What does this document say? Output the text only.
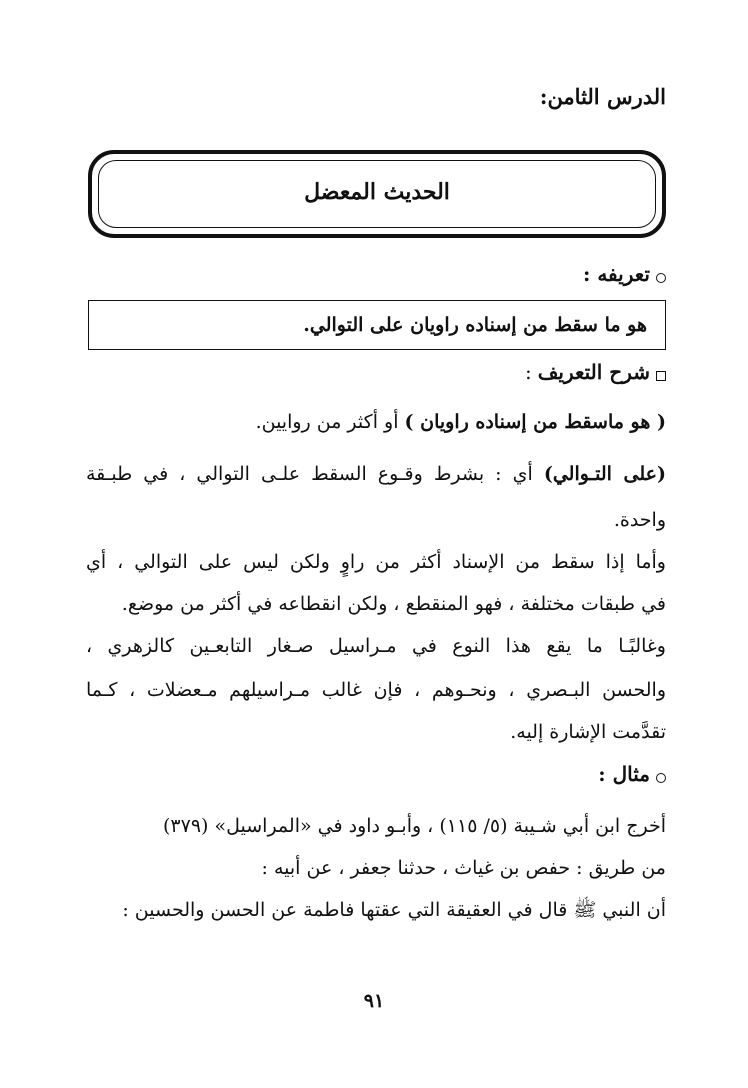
الدرس الثامن:
الحديث المعضل
تعريفه :
هو ما سقط من إسناده راويان على التوالي.
شرح التعريف
:
( هو ماسقط من إسناده راويان ) أو أكثر من روايين.
(على التـوالي) أي : بشرط وقـوع السقط علـى التوالي ، في طبـقة
واحدة.
وأما إذا سقط من الإسناد أكثر من راوٍ ولكن ليس على التوالي ، أي
في طبقات مختلفة ، فهو المنقطع ، ولكن انقطاعه في أكثر من موضع.
وغالبًـا ما يقع هذا النوع في مـراسيل صـغار التابعـين كالزهري ،
والحسن البـصري ، ونحـوهم ، فإن غالب مـراسيلهم مـعضلات ، كـما
تقدَّمت الإشارة إليه.
مثال :
أخرج ابن أبي شـيبة (٥/ ١١٥) ، وأبـو داود في «المراسيل» (٣٧٩)
من طريق : حفص بن غياث ، حدثنا جعفر ، عن أبيه :
أن النبي ﷺ قال في العقيقة التي عقتها فاطمة عن الحسن والحسين :
٩١
